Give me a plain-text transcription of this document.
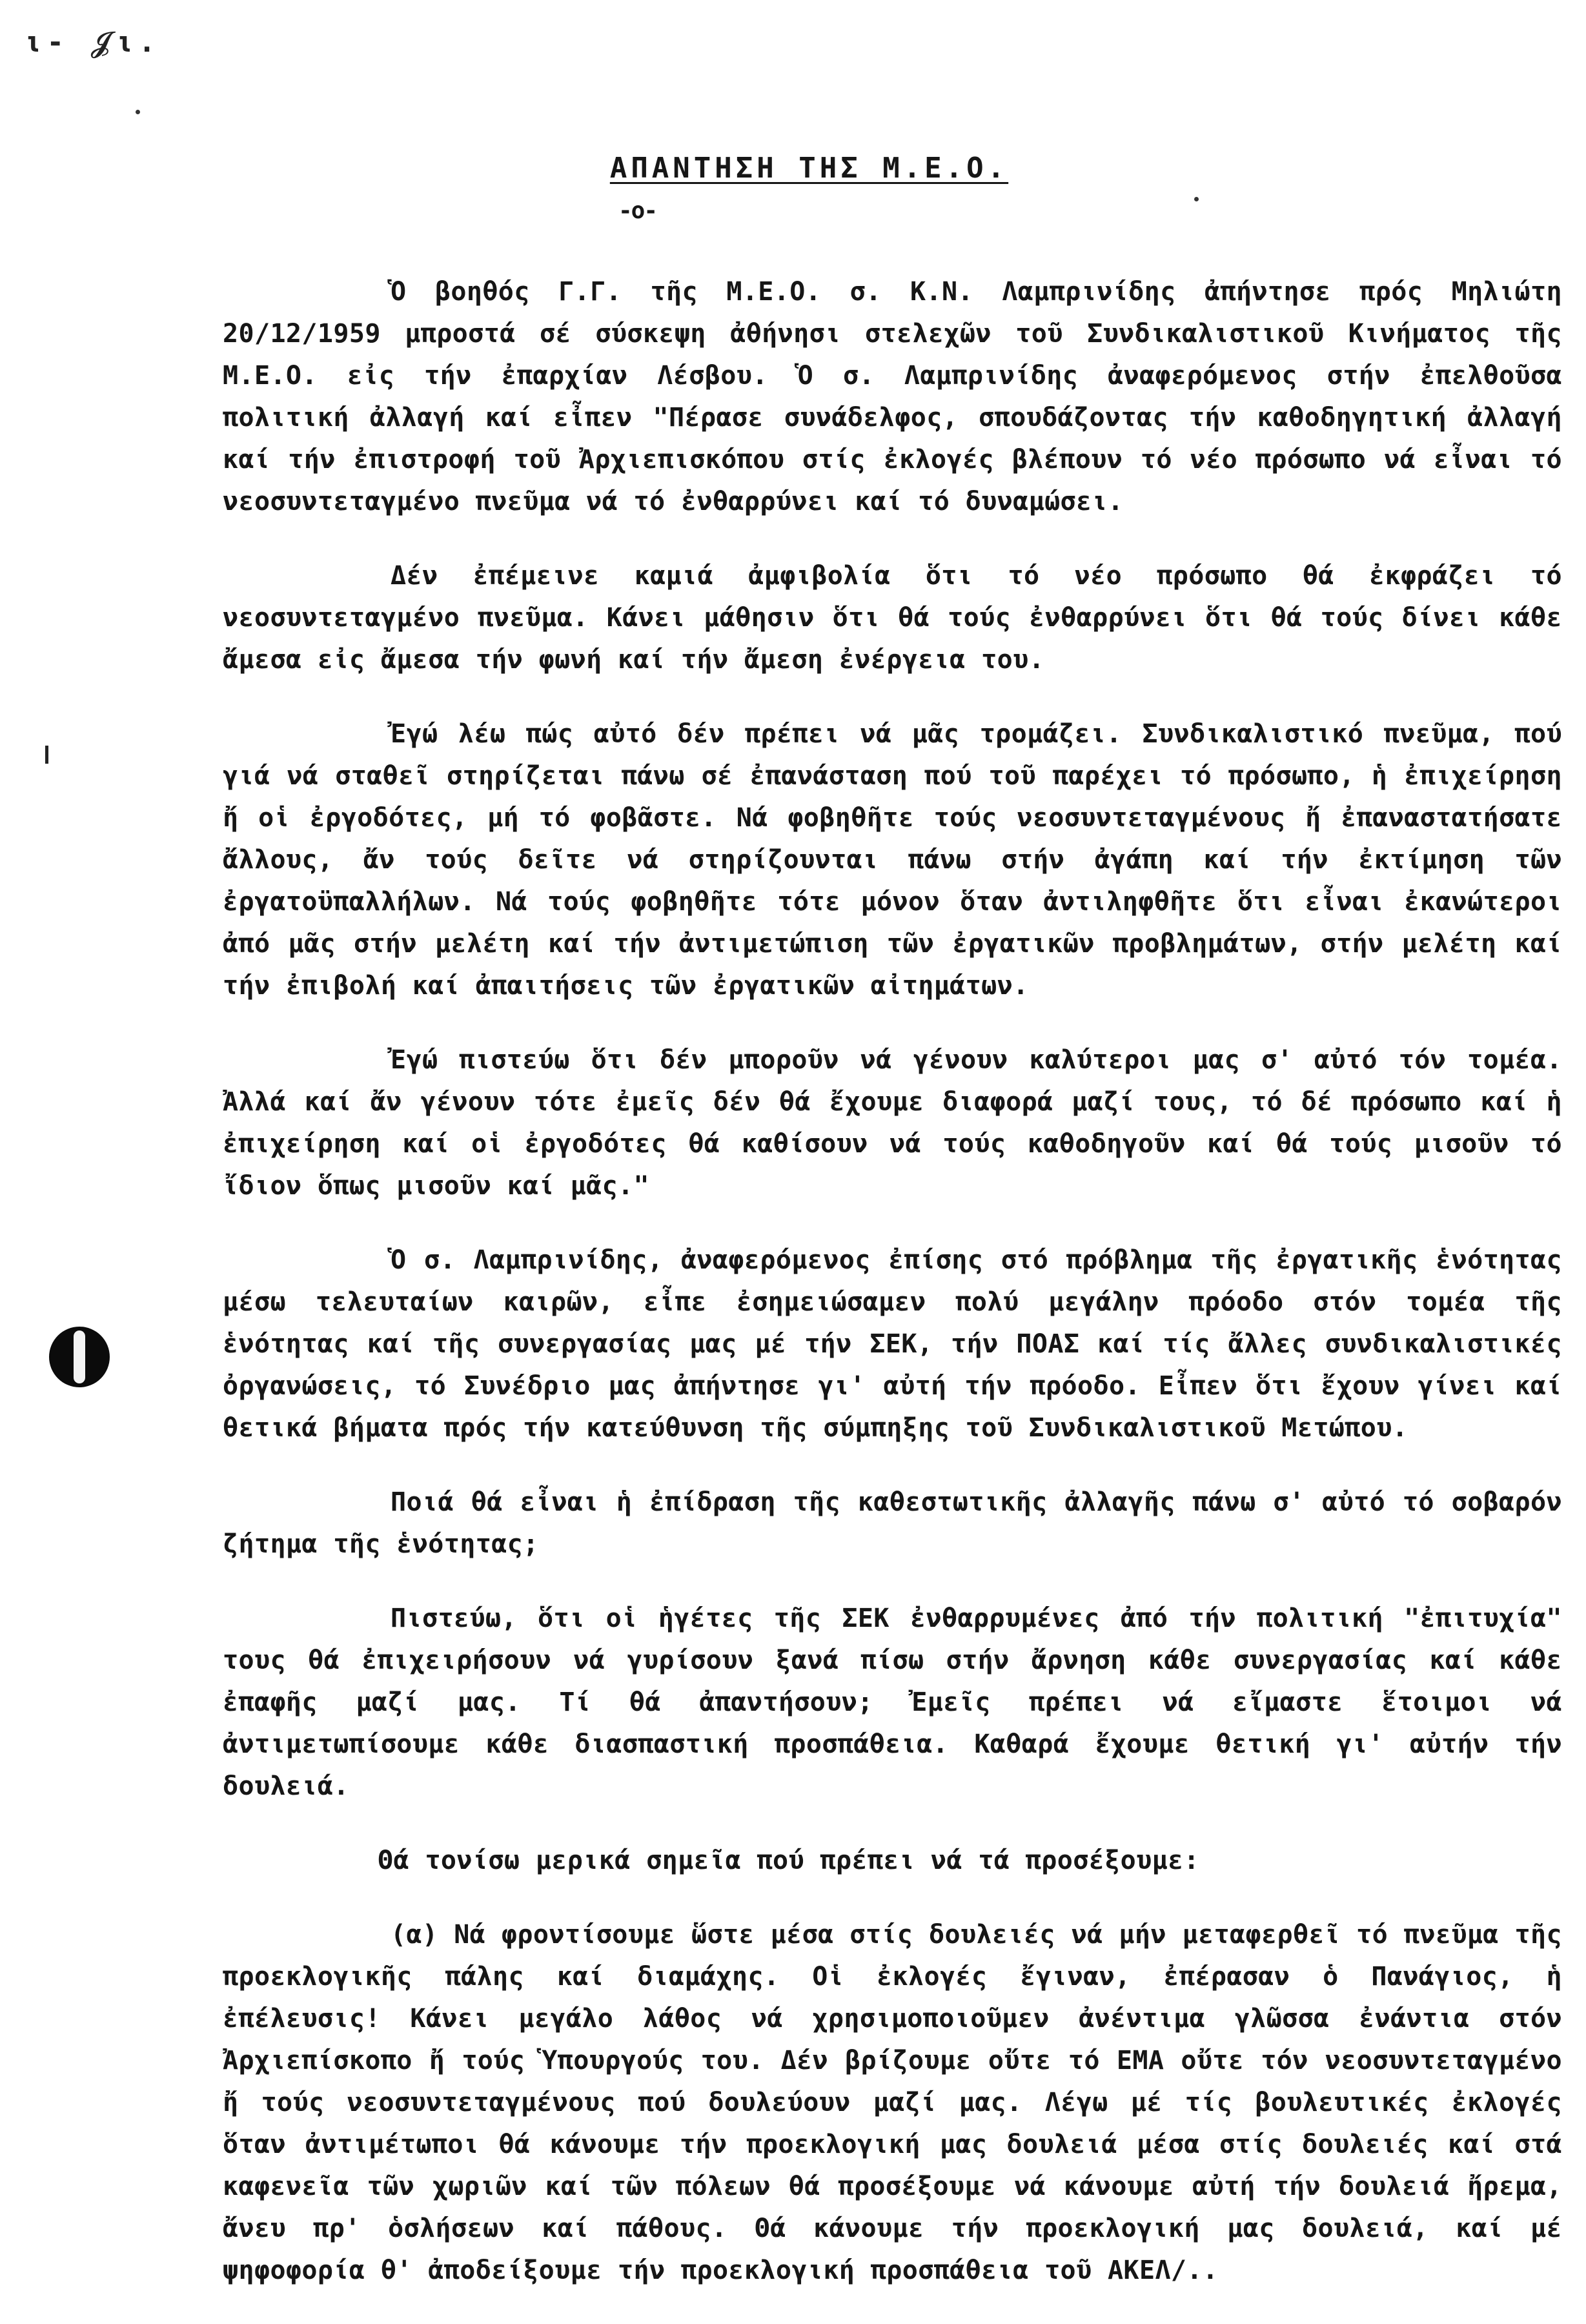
ι- 𝒥ι.
ΑΠΑΝΤΗΣΗ ΤΗΣ Μ.Ε.Ο.
-ο-

Ὁ βοηθός Γ.Γ. τῆς Μ.Ε.Ο. σ. Κ.Ν. Λαμπρινίδης ἀπήντησε πρός Μηλιώτη 20/12/1959 μπροστά σέ σύσκεψη ἀθήνησι στελεχῶν τοῦ Συνδικαλιστικοῦ Κινήματος τῆς Μ.Ε.Ο. εἰς τήν ἐπαρχίαν Λέσβου. Ὁ σ. Λαμπρινίδης ἀναφερόμενος στήν ἐπελθοῦσα πολιτική ἀλλαγή καί εἶπεν "Πέρασε συνάδελφος, σπουδάζοντας τήν καθοδηγητική ἀλλαγή καί τήν ἐπιστροφή τοῦ Ἀρχιεπισκόπου στίς ἐκλογές βλέπουν τό νέο πρόσωπο νά εἶναι τό νεοσυντεταγμένο πνεῦμα νά τό ἐνθαρρύνει καί τό δυναμώσει.

Δέν ἐπέμεινε καμιά ἀμφιβολία ὅτι τό νέο πρόσωπο θά ἐκφράζει τό νεοσυντεταγμένο πνεῦμα. Κάνει μάθησιν ὅτι θά τούς ἐνθαρρύνει ὅτι θά τούς δίνει κάθε ἄμεσα εἰς ἄμεσα τήν φωνή καί τήν ἄμεση ἐνέργεια του.

Ἐγώ λέω πώς αὐτό δέν πρέπει νά μᾶς τρομάζει. Συνδικαλιστικό πνεῦμα, πού γιά νά σταθεῖ στηρίζεται πάνω σέ ἐπανάσταση πού τοῦ παρέχει τό πρόσωπο, ἡ ἐπιχείρηση ἤ οἱ ἐργοδότες, μή τό φοβᾶστε. Νά φοβηθῆτε τούς νεοσυντεταγμένους ἤ ἐπαναστατήσατε ἄλλους, ἄν τούς δεῖτε νά στηρίζουνται πάνω στήν ἀγάπη καί τήν ἐκτίμηση τῶν ἐργατοϋπαλλήλων. Νά τούς φοβηθῆτε τότε μόνον ὅταν ἀντιληφθῆτε ὅτι εἶναι ἐκανώτεροι ἀπό μᾶς στήν μελέτη καί τήν ἀντιμετώπιση τῶν ἐργατικῶν προβλημάτων, στήν μελέτη καί τήν ἐπιβολή καί ἀπαιτήσεις τῶν ἐργατικῶν αἰτημάτων.

Ἐγώ πιστεύω ὅτι δέν μποροῦν νά γένουν καλύτεροι μας σ' αὐτό τόν τομέα. Ἀλλά καί ἄν γένουν τότε ἐμεῖς δέν θά ἔχουμε διαφορά μαζί τους, τό δέ πρόσωπο καί ἡ ἐπιχείρηση καί οἱ ἐργοδότες θά καθίσουν νά τούς καθοδηγοῦν καί θά τούς μισοῦν τό ἴδιον ὅπως μισοῦν καί μᾶς."

Ὁ σ. Λαμπρινίδης, ἀναφερόμενος ἐπίσης στό πρόβλημα τῆς ἐργατικῆς ἑνότητας μέσω τελευταίων καιρῶν, εἶπε ἐσημειώσαμεν πολύ μεγάλην πρόοδο στόν τομέα τῆς ἑνότητας καί τῆς συνεργασίας μας μέ τήν ΣΕΚ, τήν ΠΟΑΣ καί τίς ἄλλες συνδικαλιστικές ὀργανώσεις, τό Συνέδριο μας ἀπήντησε γι' αὐτή τήν πρόοδο. Εἶπεν ὅτι ἔχουν γίνει καί θετικά βήματα πρός τήν κατεύθυνση τῆς σύμπηξης τοῦ Συνδικαλιστικοῦ Μετώπου.

Ποιά θά εἶναι ἡ ἐπίδραση τῆς καθεστωτικῆς ἀλλαγῆς πάνω σ' αὐτό τό σοβαρόν ζήτημα τῆς ἑνότητας;

Πιστεύω, ὅτι οἱ ἡγέτες τῆς ΣΕΚ ἐνθαρρυμένες ἀπό τήν πολιτική "ἐπιτυχία" τους θά ἐπιχειρήσουν νά γυρίσουν ξανά πίσω στήν ἄρνηση κάθε συνεργασίας καί κάθε ἐπαφῆς μαζί μας. Τί θά ἀπαντήσουν; Ἐμεῖς πρέπει νά εἴμαστε ἕτοιμοι νά ἀντιμετωπίσουμε κάθε διασπαστική προσπάθεια. Καθαρά ἔχουμε θετική γι' αὐτήν τήν δουλειά.

Θά τονίσω μερικά σημεῖα πού πρέπει νά τά προσέξουμε:

(α) Νά φροντίσουμε ὥστε μέσα στίς δουλειές νά μήν μεταφερθεῖ τό πνεῦμα τῆς προεκλογικῆς πάλης καί διαμάχης. Οἱ ἐκλογές ἔγιναν, ἐπέρασαν ὁ Πανάγιος, ἡ ἐπέλευσις! Κάνει μεγάλο λάθος νά χρησιμοποιοῦμεν ἀνέντιμα γλῶσσα ἐνάντια στόν Ἀρχιεπίσκοπο ἤ τούς Ὑπουργούς του. Δέν βρίζουμε οὔτε τό ΕΜΑ οὔτε τόν νεοσυντεταγμένο ἤ τούς νεοσυντεταγμένους πού δουλεύουν μαζί μας. Λέγω μέ τίς βουλευτικές ἐκλογές ὅταν ἀντιμέτωποι θά κάνουμε τήν προεκλογική μας δουλειά μέσα στίς δουλειές καί στά καφενεῖα τῶν χωριῶν καί τῶν πόλεων θά προσέξουμε νά κάνουμε αὐτή τήν δουλειά ἤρεμα, ἄνευ πρ' ὁσλήσεων καί πάθους. Θά κάνουμε τήν προεκλογική μας δουλειά, καί μέ ψηφοφορία θ' ἀποδείξουμε τήν προεκλογική προσπάθεια τοῦ ΑΚΕΛ/..
